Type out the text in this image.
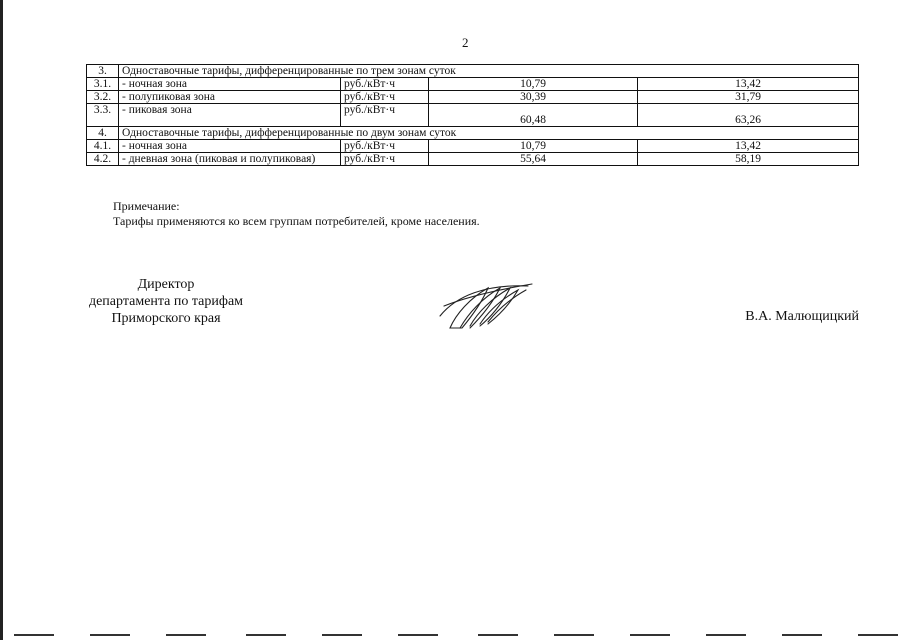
2
3.	Одноставочные тарифы, дифференцированные по трем зонам суток			
3.1.	- ночная зона	руб./кВт·ч	10,79	13,42
3.2.	- полупиковая зона	руб./кВт·ч	30,39	31,79
3.3.	- пиковая зона	руб./кВт·ч	60,48	63,26
4.	Одноставочные тарифы, дифференцированные по двум зонам суток			
4.1.	- ночная зона	руб./кВт·ч	10,79	13,42
4.2.	- дневная зона (пиковая и полупиковая)	руб./кВт·ч	55,64	58,19
Примечание:
Тарифы применяются ко всем группам потребителей, кроме населения.
Директор
департамента по тарифам
Приморского края	В.А. Малющицкий
